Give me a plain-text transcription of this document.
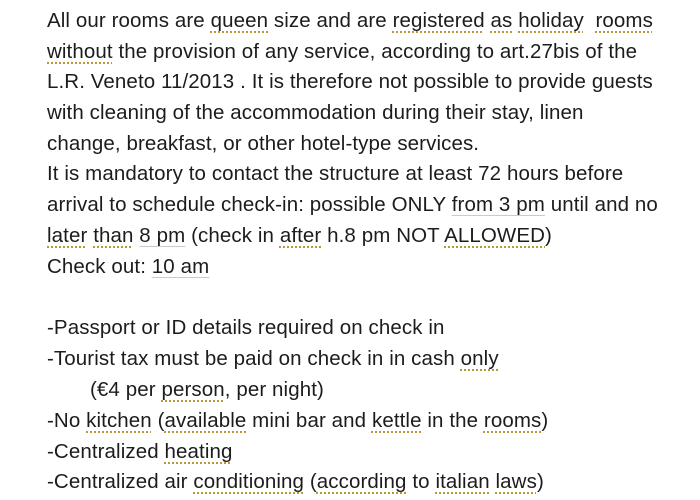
All our rooms are queen size and are registered as holiday rooms
without the provision of any service, according to art.27bis of the
L.R. Veneto 11/2013 . It is therefore not possible to provide guests
with cleaning of the accommodation during their stay, linen
change, breakfast, or other hotel-type services.
It is mandatory to contact the structure at least 72 hours before
arrival to schedule check-in: possible ONLY from 3 pm until and no
later than 8 pm (check in after h.8 pm NOT ALLOWED)
Check out: 10 am
-Passport or ID details required on check in
-Tourist tax must be paid on check in in cash only
(€4 per person, per night)
-No kitchen (available mini bar and kettle in the rooms)
-Centralized heating
-Centralized air conditioning (according to italian laws)
